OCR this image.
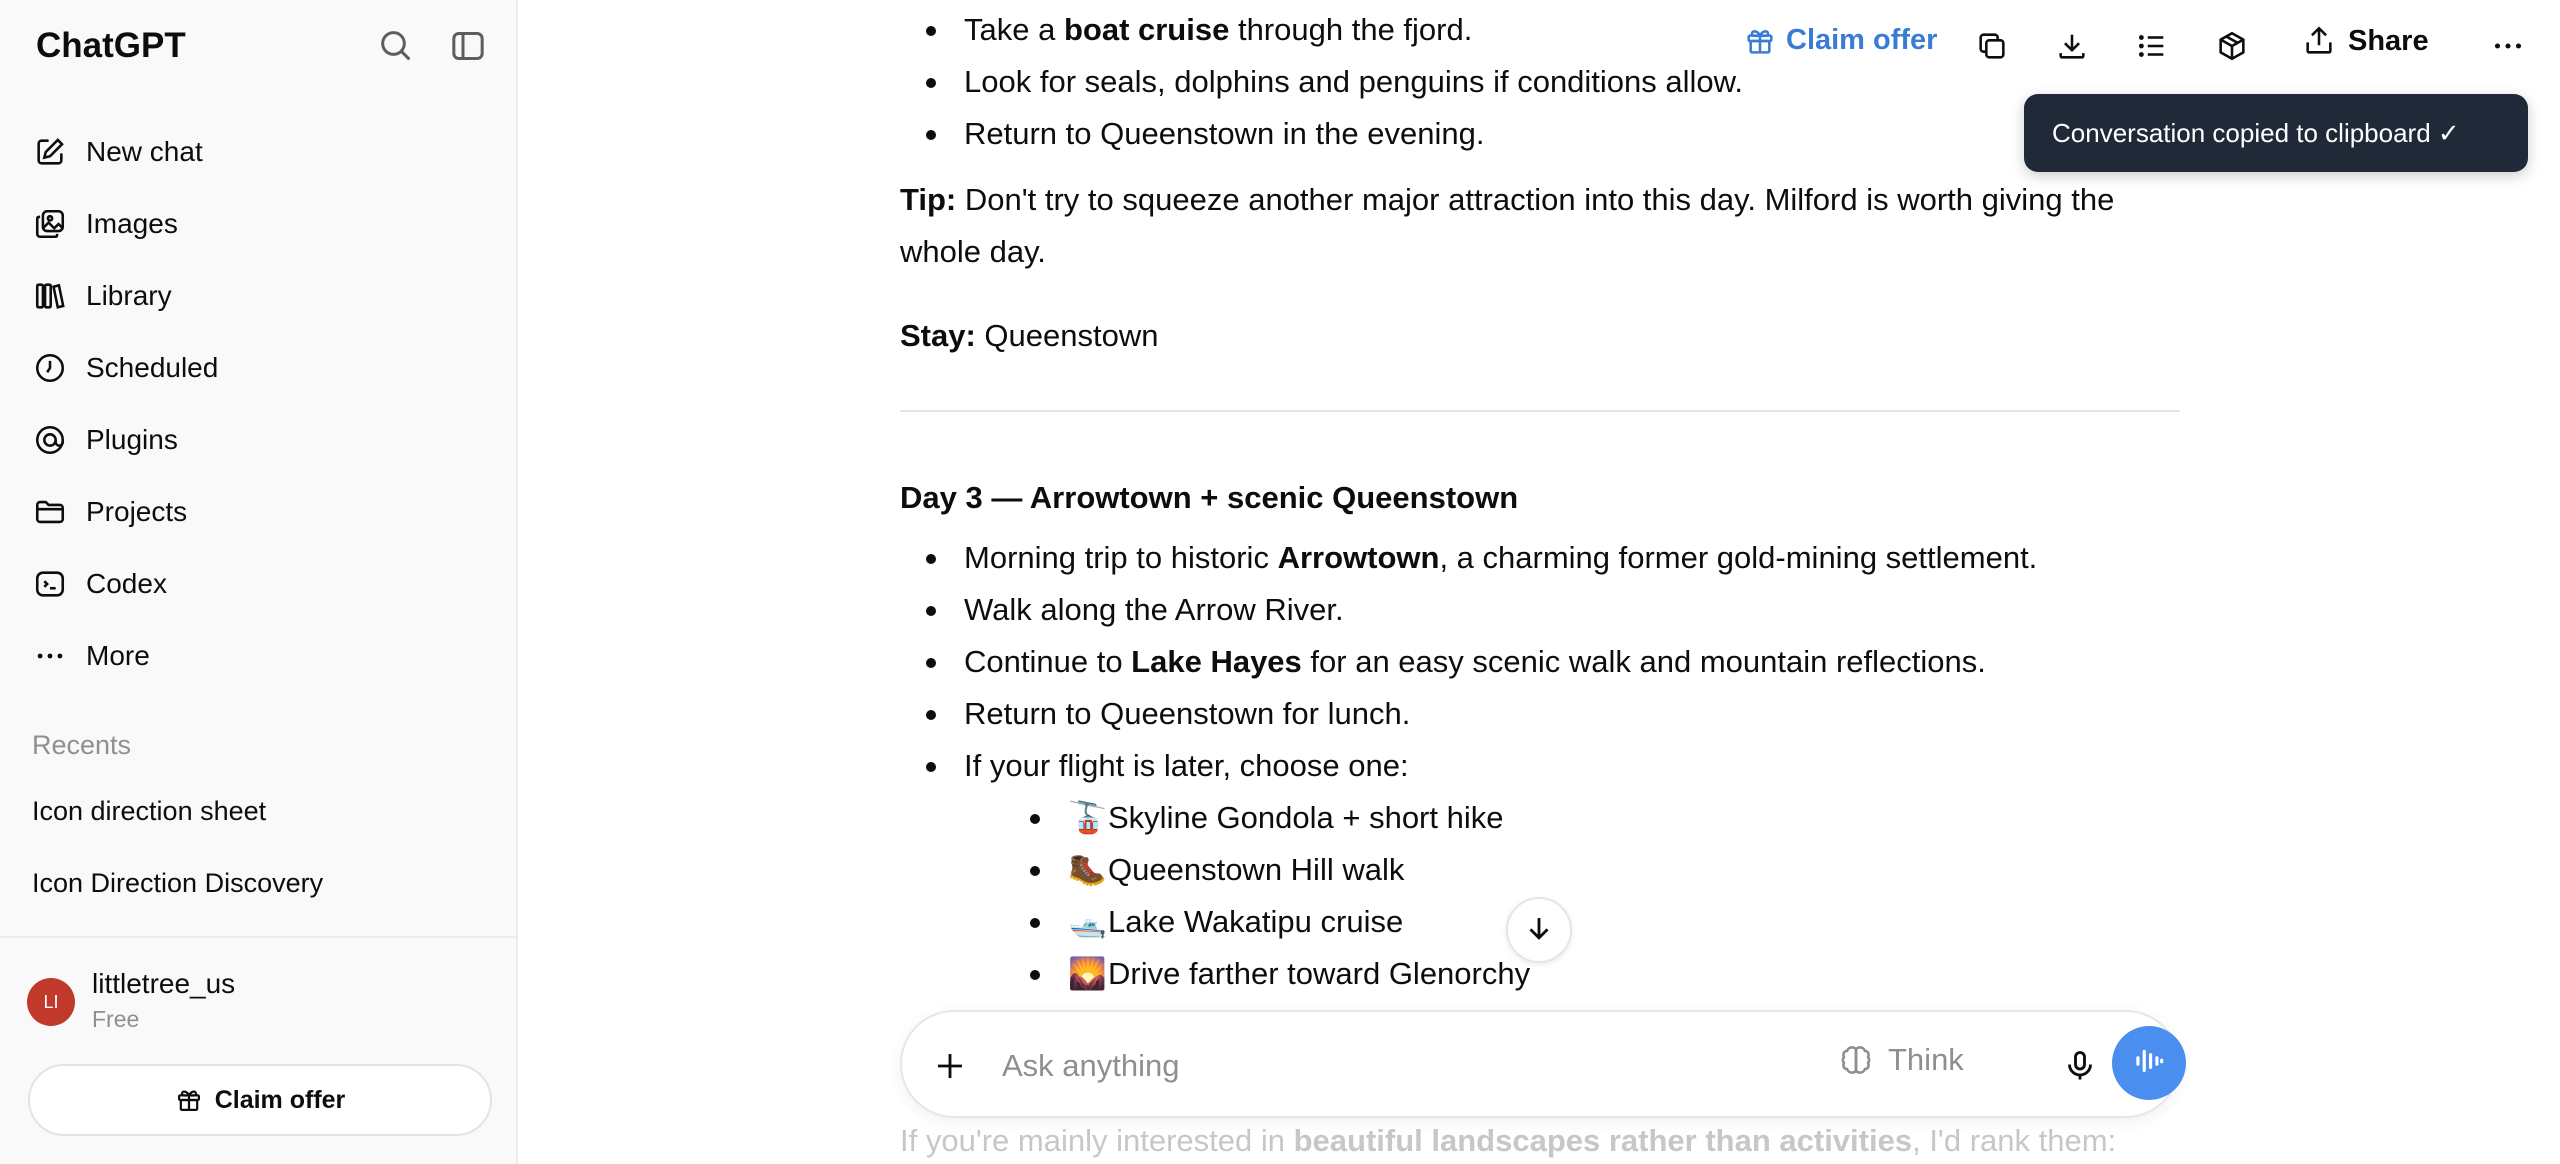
ChatGPT
New chat
Images
Library
Scheduled
Plugins
Projects
Codex
More
Recents
Icon direction sheet
Icon Direction Discovery
LI
littletree_us
Free
Claim offer
Take a boat cruise through the fjord.
Look for seals, dolphins and penguins if conditions allow.
Return to Queenstown in the evening.

Tip: Don't try to squeeze another major attraction into this day. Milford is worth giving the whole day.

Stay: Queenstown

Day 3 — Arrowtown + scenic Queenstown

Morning trip to historic Arrowtown, a charming former gold-mining settlement.
Walk along the Arrow River.
Continue to Lake Hayes for an easy scenic walk and mountain reflections.
Return to Queenstown for lunch.
If your flight is later, choose one:
🚡Skyline Gondola + short hike
🥾Queenstown Hill walk
🛥️Lake Wakatipu cruise
🌄Drive farther toward Glenorchy
Claim offer	Share
Conversation copied to clipboard ✓
If you're mainly interested in beautiful landscapes rather than activities, I'd rank them:
Ask anything
Think
